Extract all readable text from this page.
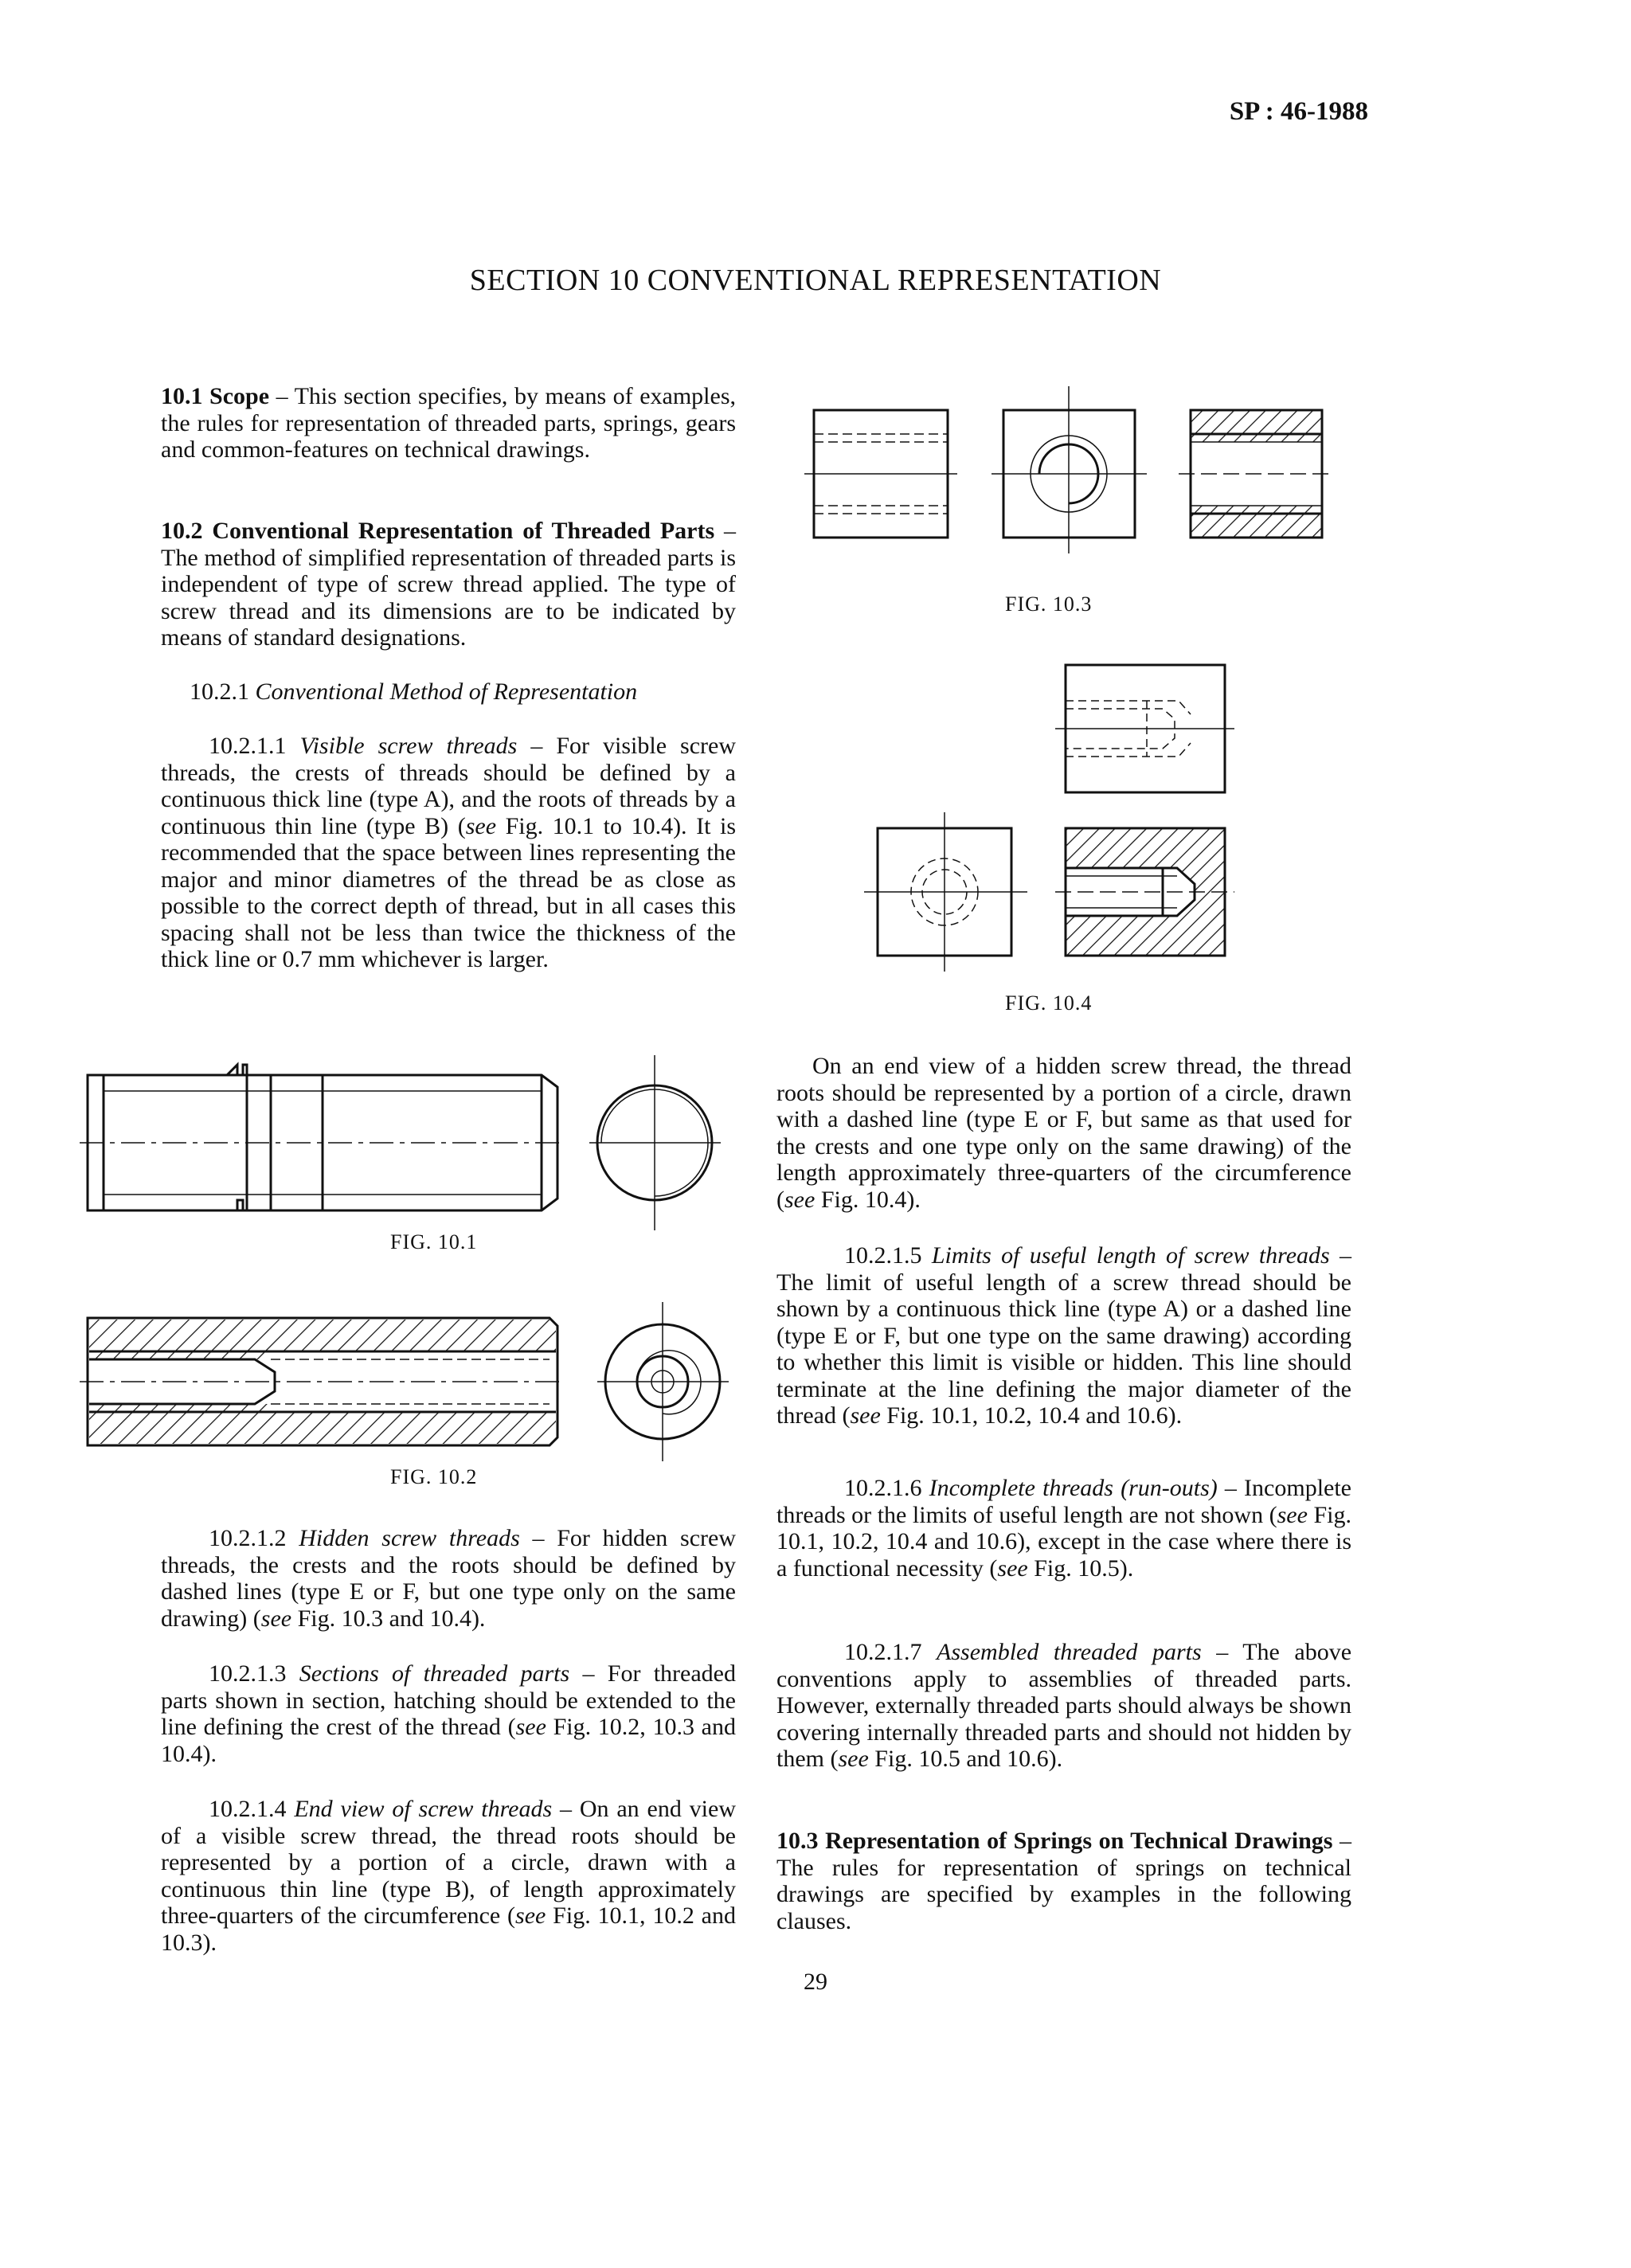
SP : 46-1988
SECTION 10 CONVENTIONAL REPRESENTATION

10.1 Scope – This section specifies, by means of examples, the rules for representation of threaded parts, springs, gears and common-features on technical drawings.

10.2 Conventional Representation of Threaded Parts – The method of simplified representation of threaded parts is independent of type of screw thread applied. The type of screw thread and its dimensions are to be indicated by means of standard designations.

10.2.1 Conventional Method of Representation

10.2.1.1 Visible screw threads – For visible screw threads, the crests of threads should be defined by a continuous thick line (type A), and the roots of threads by a continuous thin line (type B) (see Fig. 10.1 to 10.4). It is recommended that the space between lines representing the major and minor diametres of the thread be as close as possible to the correct depth of thread, but in all cases this spacing shall not be less than twice the thickness of the thick line or 0.7 mm whichever is larger.

FIG. 10.1
FIG. 10.2

10.2.1.2 Hidden screw threads – For hidden screw threads, the crests and the roots should be defined by dashed lines (type E or F, but one type only on the same drawing) (see Fig. 10.3 and 10.4).

10.2.1.3 Sections of threaded parts – For threaded parts shown in section, hatching should be extended to the line defining the crest of the thread (see Fig. 10.2, 10.3 and 10.4).

10.2.1.4 End view of screw threads – On an end view of a visible screw thread, the thread roots should be represented by a portion of a circle, drawn with a continuous thin line (type B), of length approximately three-quarters of the circumference (see Fig. 10.1, 10.2 and 10.3).

FIG. 10.3
FIG. 10.4

On an end view of a hidden screw thread, the thread roots should be represented by a portion of a circle, drawn with a dashed line (type E or F, but same as that used for the crests and one type only on the same drawing) of the length approximately three-quarters of the circumference (see Fig. 10.4).

10.2.1.5 Limits of useful length of screw threads – The limit of useful length of a screw thread should be shown by a continuous thick line (type A) or a dashed line (type E or F, but one type on the same drawing) according to whether this limit is visible or hidden. This line should terminate at the line defining the major diameter of the thread (see Fig. 10.1, 10.2, 10.4 and 10.6).

10.2.1.6 Incomplete threads (run-outs) – Incomplete threads or the limits of useful length are not shown (see Fig. 10.1, 10.2, 10.4 and 10.6), except in the case where there is a functional necessity (see Fig. 10.5).

10.2.1.7 Assembled threaded parts – The above conventions apply to assemblies of threaded parts. However, externally threaded parts should always be shown covering internally threaded parts and should not hidden by them (see Fig. 10.5 and 10.6).

10.3 Representation of Springs on Technical Drawings – The rules for representation of springs on technical drawings are specified by examples in the following clauses.

29
